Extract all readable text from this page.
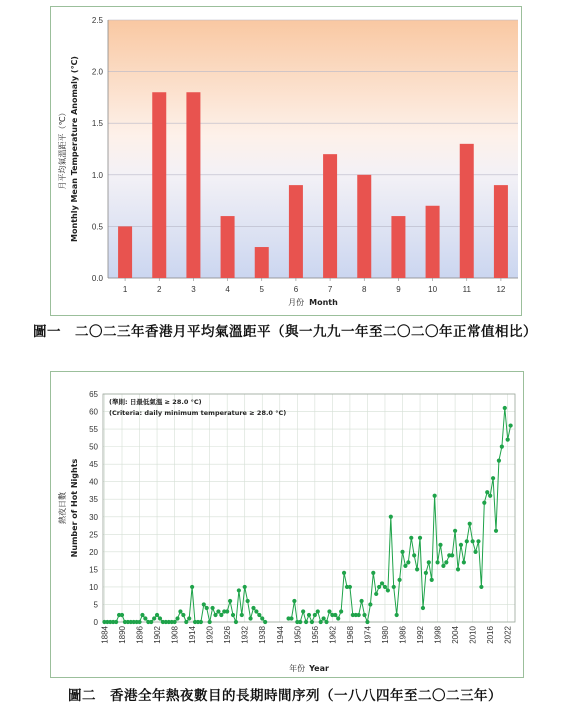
0.0
0.5
1.0
1.5
2.0
2.5
1	2	3	4	5	6	7	8	9	10	11	12
月份 Month
月平均氣溫距平（℃） Monthly Mean Temperature Anomaly (℃)
圖一　二〇二三年香港月平均氣溫距平（與一九九一年至二〇二〇年正常值相比）
0
5
10
15
20
25
30
35
40
45
50
55
60
65
1884 1890 1896 1902 1908 1914 1920 1926 1932 1938 1944 1950 1956 1962 1968 1974 1980 1986 1992 1998 2004 2010 2016 2022
(準則: 日最低氣溫 ≥ 28.0 °C)
(Criteria: daily minimum temperature ≥ 28.0 °C)
年份 Year
熱夜日數 Number of Hot Nights
圖二　香港全年熱夜數目的長期時間序列（一八八四年至二〇二三年）
